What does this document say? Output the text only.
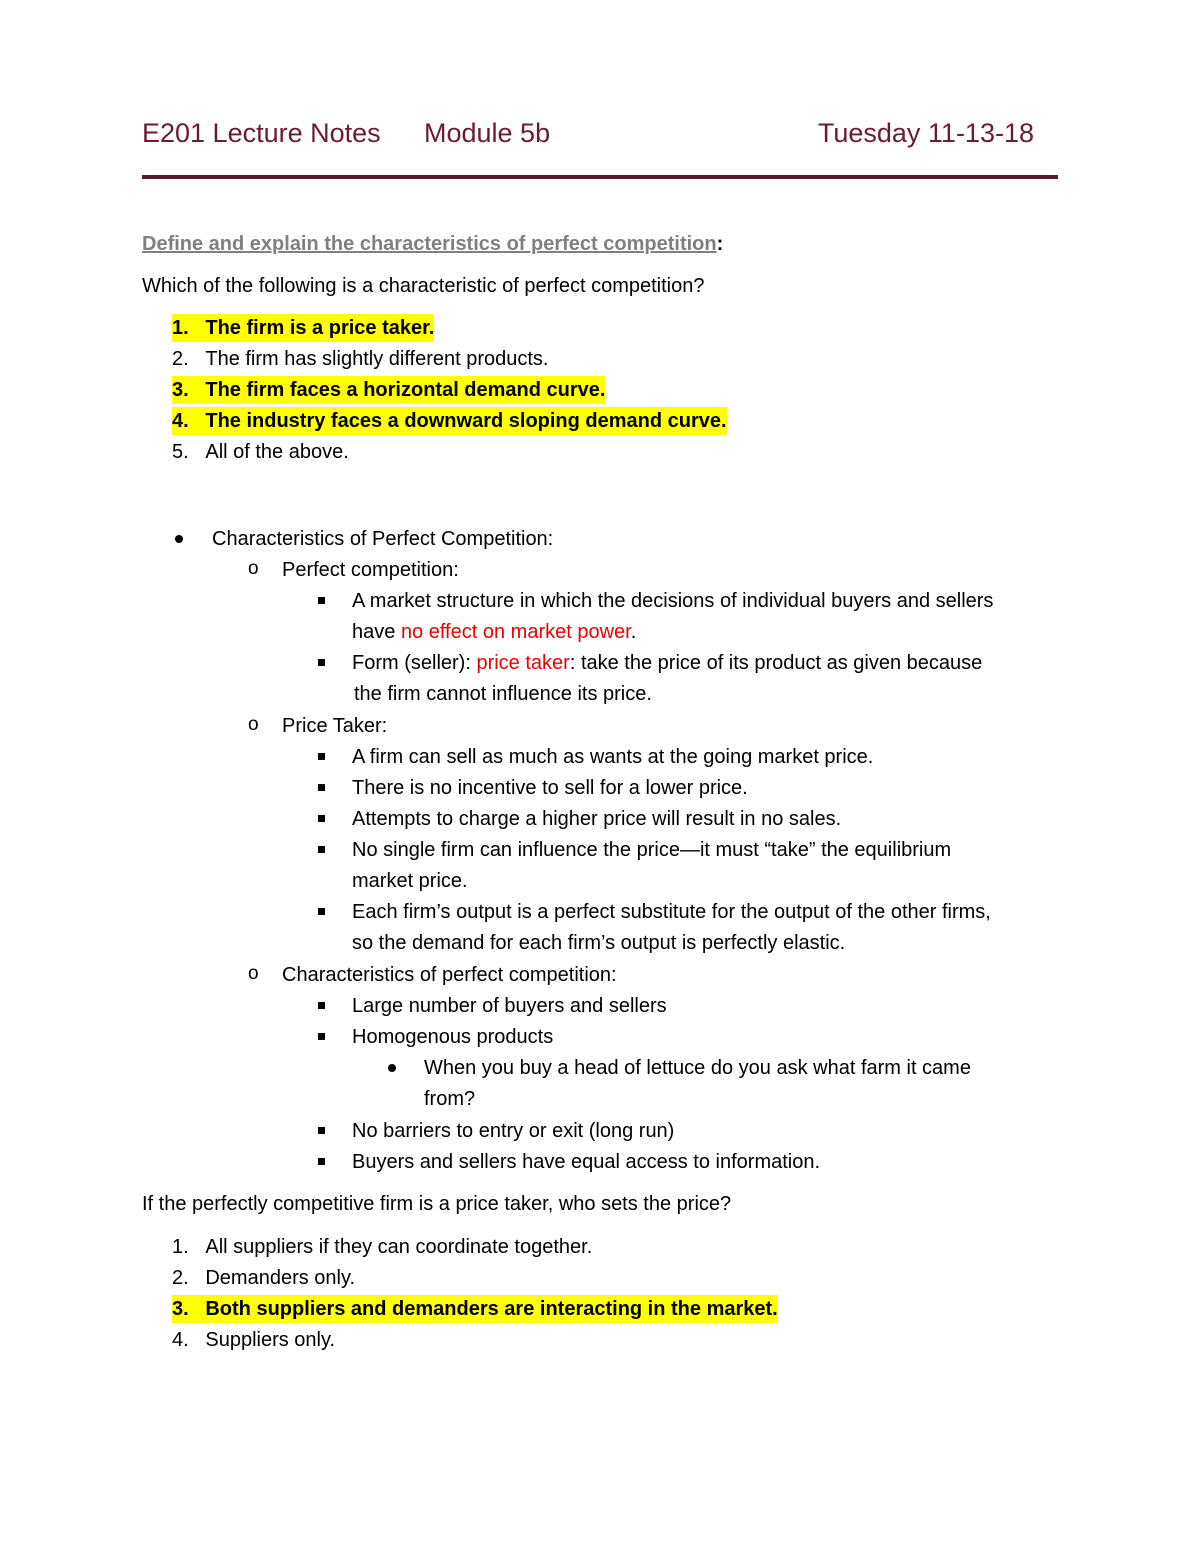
E201 Lecture Notes Module 5b	Tuesday 11-13-18
Define and explain the characteristics of perfect competition:
Which of the following is a characteristic of perfect competition?
1. The firm is a price taker.
2. The firm has slightly different products.
3. The firm faces a horizontal demand curve.
4. The industry faces a downward sloping demand curve.
5. All of the above.
Characteristics of Perfect Competition:
o Perfect competition:
A market structure in which the decisions of individual buyers and sellers
have no effect on market power.
Form (seller): price taker: take the price of its product as given because
the firm cannot influence its price.
o Price Taker:
A firm can sell as much as wants at the going market price.
There is no incentive to sell for a lower price.
Attempts to charge a higher price will result in no sales.
No single firm can influence the price—it must “take” the equilibrium
market price.
Each firm’s output is a perfect substitute for the output of the other firms,
so the demand for each firm’s output is perfectly elastic.
o Characteristics of perfect competition:
Large number of buyers and sellers
Homogenous products
When you buy a head of lettuce do you ask what farm it came
from?
No barriers to entry or exit (long run)
Buyers and sellers have equal access to information.
If the perfectly competitive firm is a price taker, who sets the price?
1. All suppliers if they can coordinate together.
2. Demanders only.
3. Both suppliers and demanders are interacting in the market.
4. Suppliers only.
